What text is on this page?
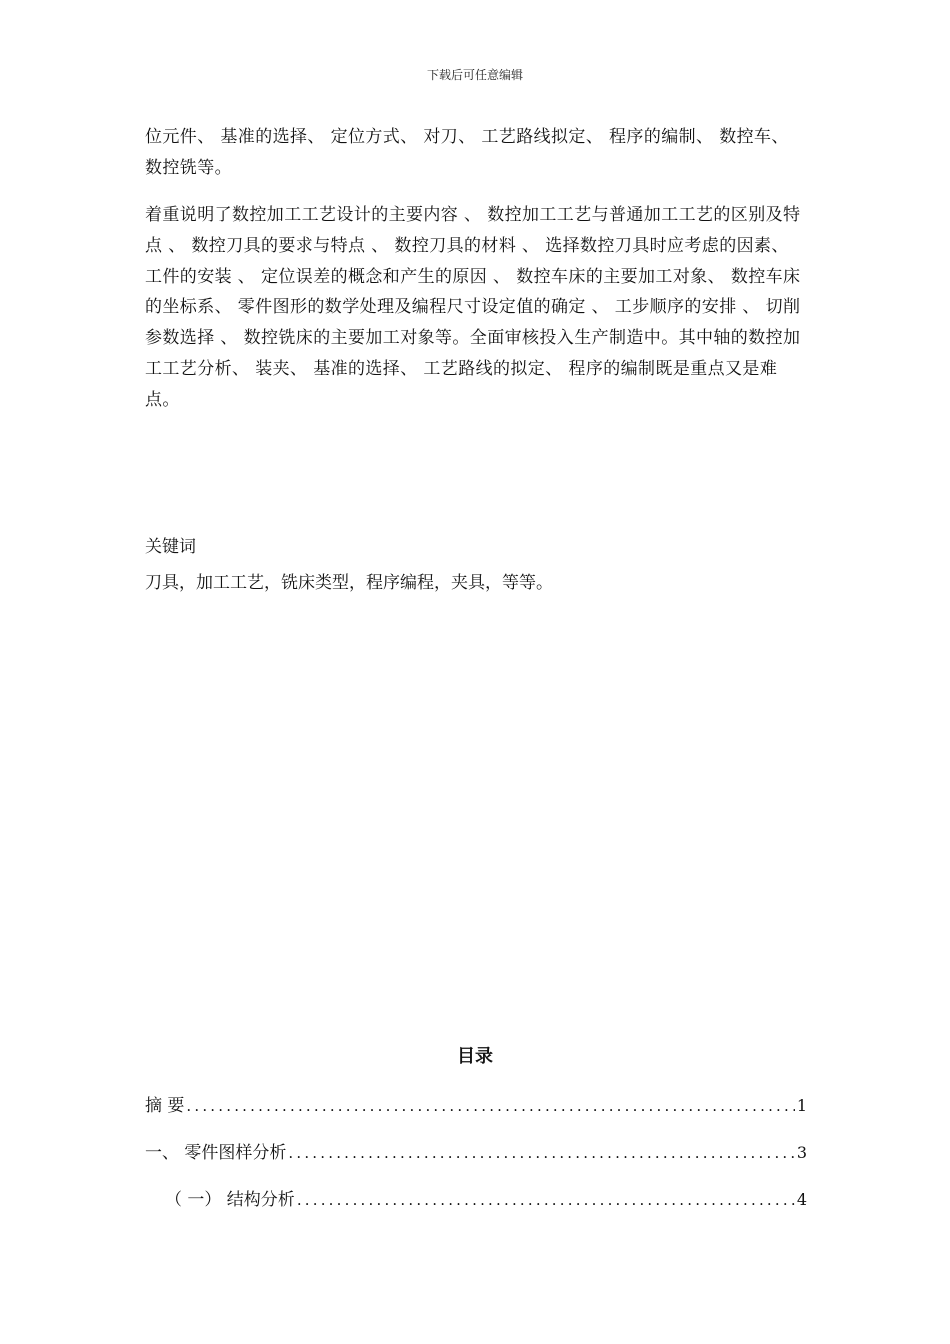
下载后可任意编辑
位元件、 基准的选择、 定位方式、 对刀、 工艺路线拟定、 程序的编制、 数控车、 数控铣等。
着重说明了数控加工工艺设计的主要内容 、 数控加工工艺与普通加工工艺的区别及特点 、 数控刀具的要求与特点 、 数控刀具的材料 、 选择数控刀具时应考虑的因素、 工件的安装 、 定位误差的概念和产生的原因 、 数控车床的主要加工对象、 数控车床的坐标系、 零件图形的数学处理及编程尺寸设定值的确定 、 工步顺序的安排 、 切削参数选择 、 数控铣床的主要加工对象等。全面审核投入生产制造中。其中轴的数控加工工艺分析、 装夹、 基准的选择、 工艺路线的拟定、 程序的编制既是重点又是难点。
关键词
刀具，加工工艺，铣床类型，程序编程，夹具，等等。
目录
摘 要 .....	1
一、 零件图样分析 .....	3
（ 一） 结构分析 .....	4
